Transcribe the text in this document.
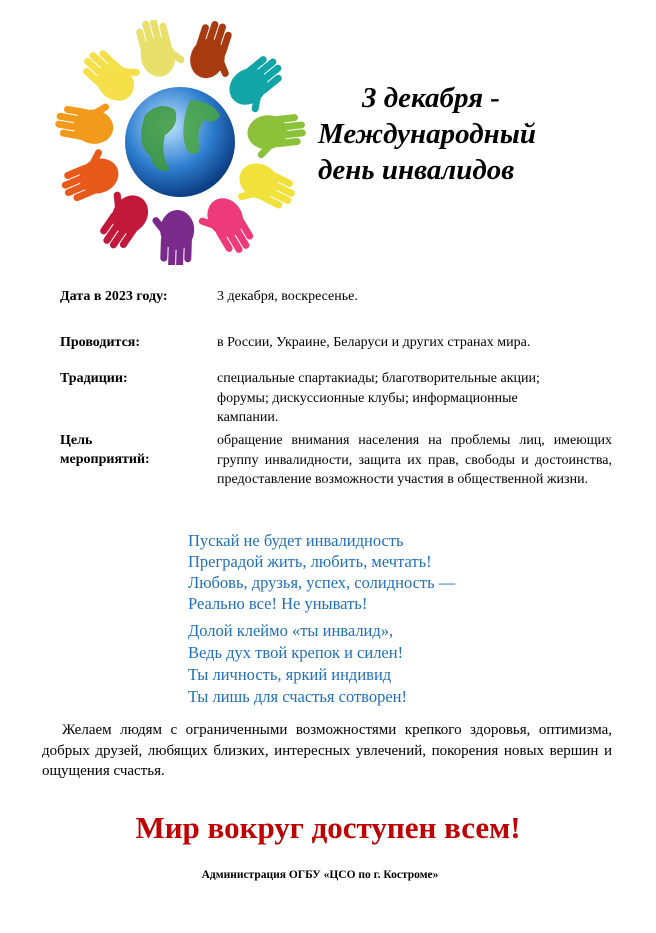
3 декабря -
Международный
день инвалидов
Дата в 2023 году:	3 декабря, воскресенье.
Проводится:	в России, Украине, Беларуси и других странах мира.
Традиции:	специальные спартакиады; благотворительные акции; форумы; дискуссионные клубы; информационные кампании.
Цель
мероприятий:
обращение внимания населения на проблемы лиц, имеющих группу инвалидности, защита их прав, свободы и достоинства, предоставление возможности участия в общественной жизни.
Пускай не будет инвалидность
Преградой жить, любить, мечтать!
Любовь, друзья, успех, солидность —
Реально все! Не унывать!
Долой клеймо «ты инвалид»,
Ведь дух твой крепок и силен!
Ты личность, яркий индивид
Ты лишь для счастья сотворен!
Желаем людям с ограниченными возможностями крепкого здоровья, оптимизма, добрых друзей, любящих близких, интересных увлечений, покорения новых вершин и ощущения счастья.
Мир вокруг доступен всем!
Администрация ОГБУ «ЦСО по г. Костроме»
